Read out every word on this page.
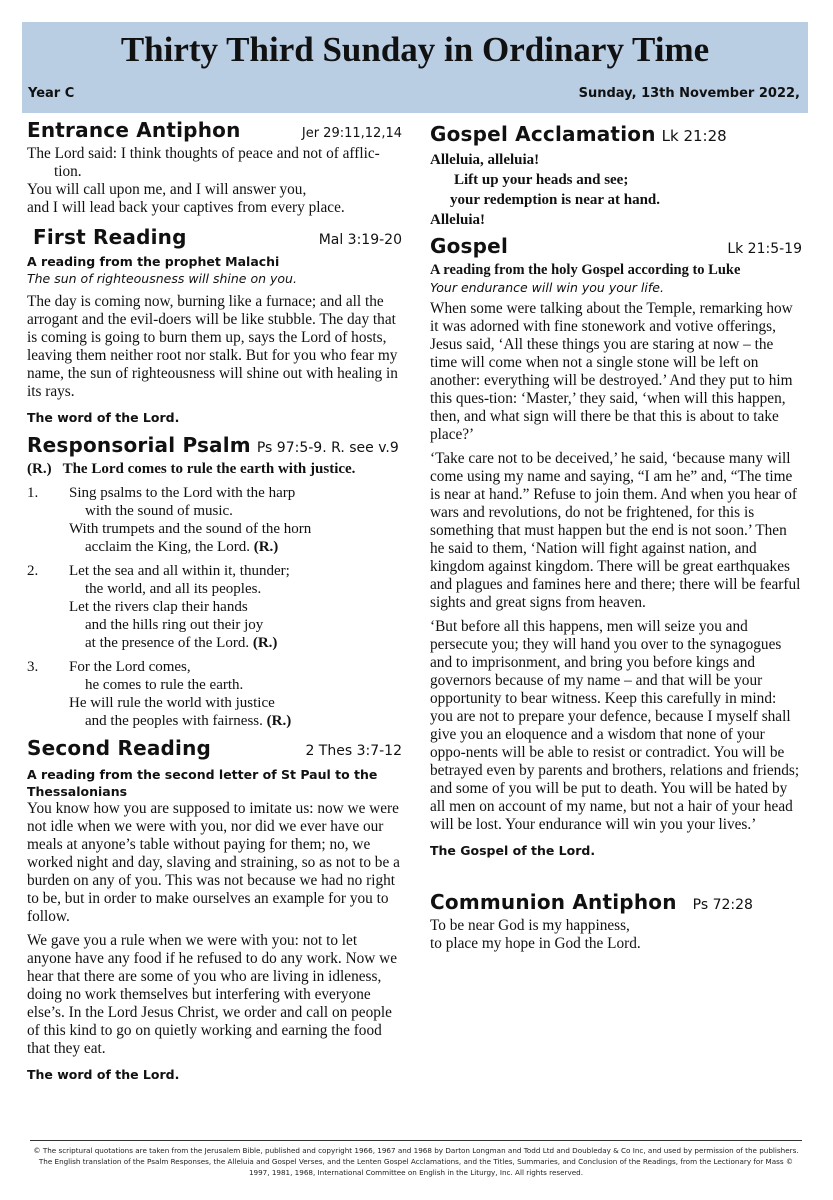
Thirty Third Sunday in Ordinary Time
Year C	Sunday, 13th November 2022,
Entrance Antiphon	Jer 29:11,12,14

The Lord said: I think thoughts of peace and not of afflic-

tion.

You will call upon me, and I will answer you,

and I will lead back your captives from every place.

First Reading	Mal 3:19-20
A reading from the prophet Malachi
The sun of righteousness will shine on you.

The day is coming now, burning like a furnace; and all the arrogant and the evil-doers will be like stubble. The day that is coming is going to burn them up, says the Lord of hosts, leaving them neither root nor stalk. But for you who fear my name, the sun of righteousness will shine out with healing in its rays.

The word of the Lord.
Responsorial Psalm Ps 97:5-9. R. see v.9
(R.) The Lord comes to rule the earth with justice.
1.	Sing psalms to the Lord with the harp
with the sound of music.
With trumpets and the sound of the horn
acclaim the King, the Lord. (R.)
2.	Let the sea and all within it, thunder;
the world, and all its peoples.
Let the rivers clap their hands
and the hills ring out their joy
at the presence of the Lord. (R.)
3.	For the Lord comes,
he comes to rule the earth.
He will rule the world with justice
and the peoples with fairness. (R.)
Second Reading	2 Thes 3:7-12
A reading from the second letter of St Paul to the Thessalonians

You know how you are supposed to imitate us: now we were not idle when we were with you, nor did we ever have our meals at anyone’s table without paying for them; no, we worked night and day, slaving and straining, so as not to be a burden on any of you. This was not because we had no right to be, but in order to make ourselves an example for you to follow.

We gave you a rule when we were with you: not to let anyone have any food if he refused to do any work. Now we hear that there are some of you who are living in idleness, doing no work themselves but interfering with everyone else’s. In the Lord Jesus Christ, we order and call on people of this kind to go on quietly working and earning the food that they eat.

The word of the Lord.
Gospel Acclamation Lk 21:28
Alleluia, alleluia!
Lift up your heads and see;
your redemption is near at hand.
Alleluia!
Gospel	Lk 21:5-19
A reading from the holy Gospel according to Luke
Your endurance will win you your life.

When some were talking about the Temple, remarking how it was adorned with fine stonework and votive offerings, Jesus said, ‘All these things you are staring at now – the time will come when not a single stone will be left on another: everything will be destroyed.’ And they put to him this ques-tion: ‘Master,’ they said, ‘when will this happen, then, and what sign will there be that this is about to take place?’

‘Take care not to be deceived,’ he said, ‘because many will come using my name and saying, “I am he” and, “The time is near at hand.” Refuse to join them. And when you hear of wars and revolutions, do not be frightened, for this is something that must happen but the end is not soon.’ Then he said to them, ‘Nation will fight against nation, and kingdom against kingdom. There will be great earthquakes and plagues and famines here and there; there will be fearful sights and great signs from heaven.

‘But before all this happens, men will seize you and persecute you; they will hand you over to the synagogues and to imprisonment, and bring you before kings and governors because of my name – and that will be your opportunity to bear witness. Keep this carefully in mind: you are not to prepare your defence, because I myself shall give you an eloquence and a wisdom that none of your oppo-nents will be able to resist or contradict. You will be betrayed even by parents and brothers, relations and friends; and some of you will be put to death. You will be hated by all men on account of my name, but not a hair of your head will be lost. Your endurance will win you your lives.’

The Gospel of the Lord.
Communion Antiphon Ps 72:28

To be near God is my happiness,

to place my hope in God the Lord.

© The scriptural quotations are taken from the Jerusalem Bible, published and copyright 1966, 1967 and 1968 by Darton Longman and Todd Ltd and Doubleday & Co Inc, and used by permission of the publishers. The English translation of the Psalm Responses, the Alleluia and Gospel Verses, and the Lenten Gospel Acclamations, and the Titles, Summaries, and Conclusion of the Readings, from the Lectionary for Mass © 1997, 1981, 1968, International Committee on English in the Liturgy, Inc. All rights reserved.
